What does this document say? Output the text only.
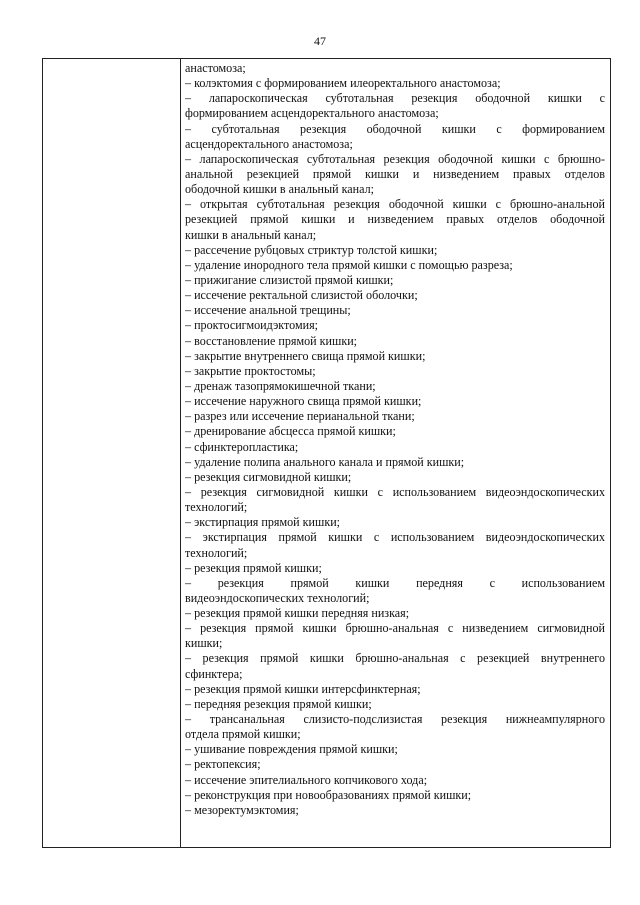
47
анастомоза;
– колэктомия с формированием илеоректального анастомоза;
– лапароскопическая субтотальная резекция ободочной кишки с
формированием асцендоректального анастомоза;
– субтотальная резекция ободочной кишки с формированием
асцендоректального анастомоза;
– лапароскопическая субтотальная резекция ободочной кишки с брюшно-
анальной резекцией прямой кишки и низведением правых отделов
ободочной кишки в анальный канал;
– открытая субтотальная резекция ободочной кишки с брюшно-анальной
резекцией прямой кишки и низведением правых отделов ободочной
кишки в анальный канал;
– рассечение рубцовых стриктур толстой кишки;
– удаление инородного тела прямой кишки с помощью разреза;
– прижигание слизистой прямой кишки;
– иссечение ректальной слизистой оболочки;
– иссечение анальной трещины;
– проктосигмоидэктомия;
– восстановление прямой кишки;
– закрытие внутреннего свища прямой кишки;
– закрытие проктостомы;
– дренаж тазопрямокишечной ткани;
– иссечение наружного свища прямой кишки;
– разрез или иссечение перианальной ткани;
– дренирование абсцесса прямой кишки;
– сфинктеропластика;
– удаление полипа анального канала и прямой кишки;
– резекция сигмовидной кишки;
– резекция сигмовидной кишки с использованием видеоэндоскопических
технологий;
– экстирпация прямой кишки;
– экстирпация прямой кишки с использованием видеоэндоскопических
технологий;
– резекция прямой кишки;
– резекция прямой кишки передняя с использованием
видеоэндоскопических технологий;
– резекция прямой кишки передняя низкая;
– резекция прямой кишки брюшно-анальная с низведением сигмовидной
кишки;
– резекция прямой кишки брюшно-анальная с резекцией внутреннего
сфинктера;
– резекция прямой кишки интерсфинктерная;
– передняя резекция прямой кишки;
– трансанальная слизисто-подслизистая резекция нижнеампулярного
отдела прямой кишки;
– ушивание повреждения прямой кишки;
– ректопексия;
– иссечение эпителиального копчикового хода;
– реконструкция при новообразованиях прямой кишки;
– мезоректумэктомия;
